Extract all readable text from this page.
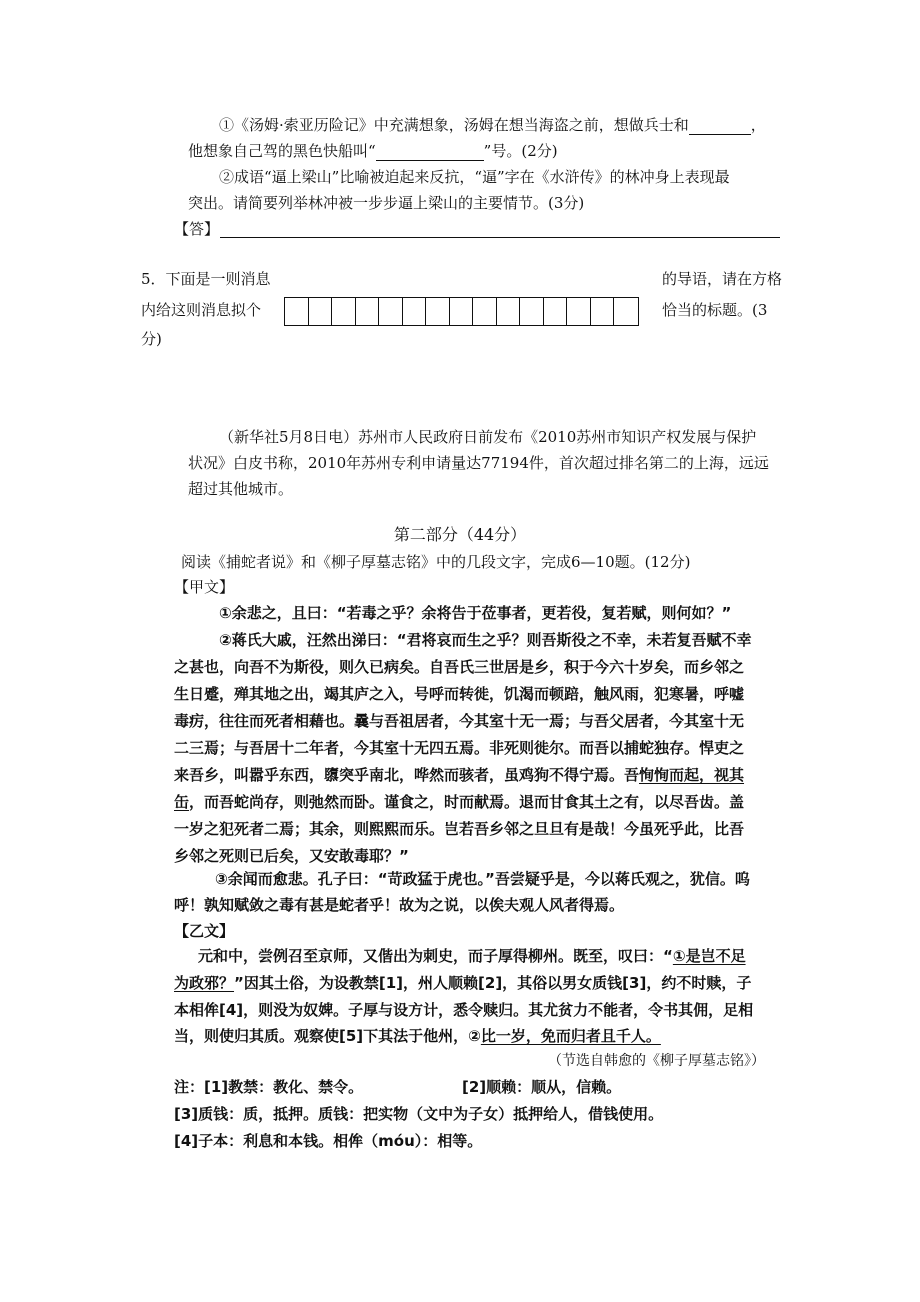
①《汤姆·索亚历险记》中充满想象，汤姆在想当海盗之前，想做兵士和	，
他想象自己驾的黑色快船叫“	”号。(2分)
②成语“逼上梁山”比喻被迫起来反抗，“逼”字在《水浒传》的林冲身上表现最
突出。请简要列举林冲被一步步逼上梁山的主要情节。(3分)
【答】
5．下面是一则消息	的导语，请在方格
内给这则消息拟个	恰当的标题。(3
分)
（新华社5月8日电）苏州市人民政府日前发布《2010苏州市知识产权发展与保护
状况》白皮书称，2010年苏州专利申请量达77194件，首次超过排名第二的上海，远远
超过其他城市。
第二部分（44分）
阅读《捕蛇者说》和《柳子厚墓志铭》中的几段文字，完成6—10题。(12分)
【甲文】
①余悲之，且曰：“若毒之乎？余将告于莅事者，更若役，复若赋，则何如？”
②蒋氏大戚，汪然出涕曰：“君将哀而生之乎？则吾斯役之不幸，未若复吾赋不幸
之甚也，向吾不为斯役，则久已病矣。自吾氏三世居是乡，积于今六十岁矣，而乡邻之
生日蹙，殚其地之出，竭其庐之入，号呼而转徙，饥渴而顿踣，触风雨，犯寒暑，呼嘘
毒疠，往往而死者相藉也。曩与吾祖居者，今其室十无一焉；与吾父居者，今其室十无
二三焉；与吾居十二年者，今其室十无四五焉。非死则徙尔。而吾以捕蛇独存。悍吏之
来吾乡，叫嚣乎东西，隳突乎南北，哗然而骇者，虽鸡狗不得宁焉。吾恂恂而起，视其
缶，而吾蛇尚存，则弛然而卧。谨食之，时而献焉。退而甘食其土之有，以尽吾齿。盖
一岁之犯死者二焉；其余，则熙熙而乐。岂若吾乡邻之旦旦有是哉！今虽死乎此，比吾
乡邻之死则已后矣，又安敢毒耶？”
③余闻而愈悲。孔子曰：“苛政猛于虎也。”吾尝疑乎是，今以蒋氏观之，犹信。呜
呼！孰知赋敛之毒有甚是蛇者乎！故为之说，以俟夫观人风者得焉。
【乙文】
元和中，尝例召至京师，又偕出为刺史，而子厚得柳州。既至，叹曰：“①是岂不足
为政邪？”因其土俗，为设教禁[1]，州人顺赖[2]，其俗以男女质钱[3]，约不时赎，子
本相侔[4]，则没为奴婢。子厚与设方计，悉令赎归。其尤贫力不能者，令书其佣，足相
当，则使归其质。观察使[5]下其法于他州，②比一岁，免而归者且千人。
（节选自韩愈的《柳子厚墓志铭》）
注：[1]教禁：教化、禁令。	[2]顺赖：顺从，信赖。
[3]质钱：质，抵押。质钱：把实物（文中为子女）抵押给人，借钱使用。
[4]子本：利息和本钱。相侔（móu）：相等。
